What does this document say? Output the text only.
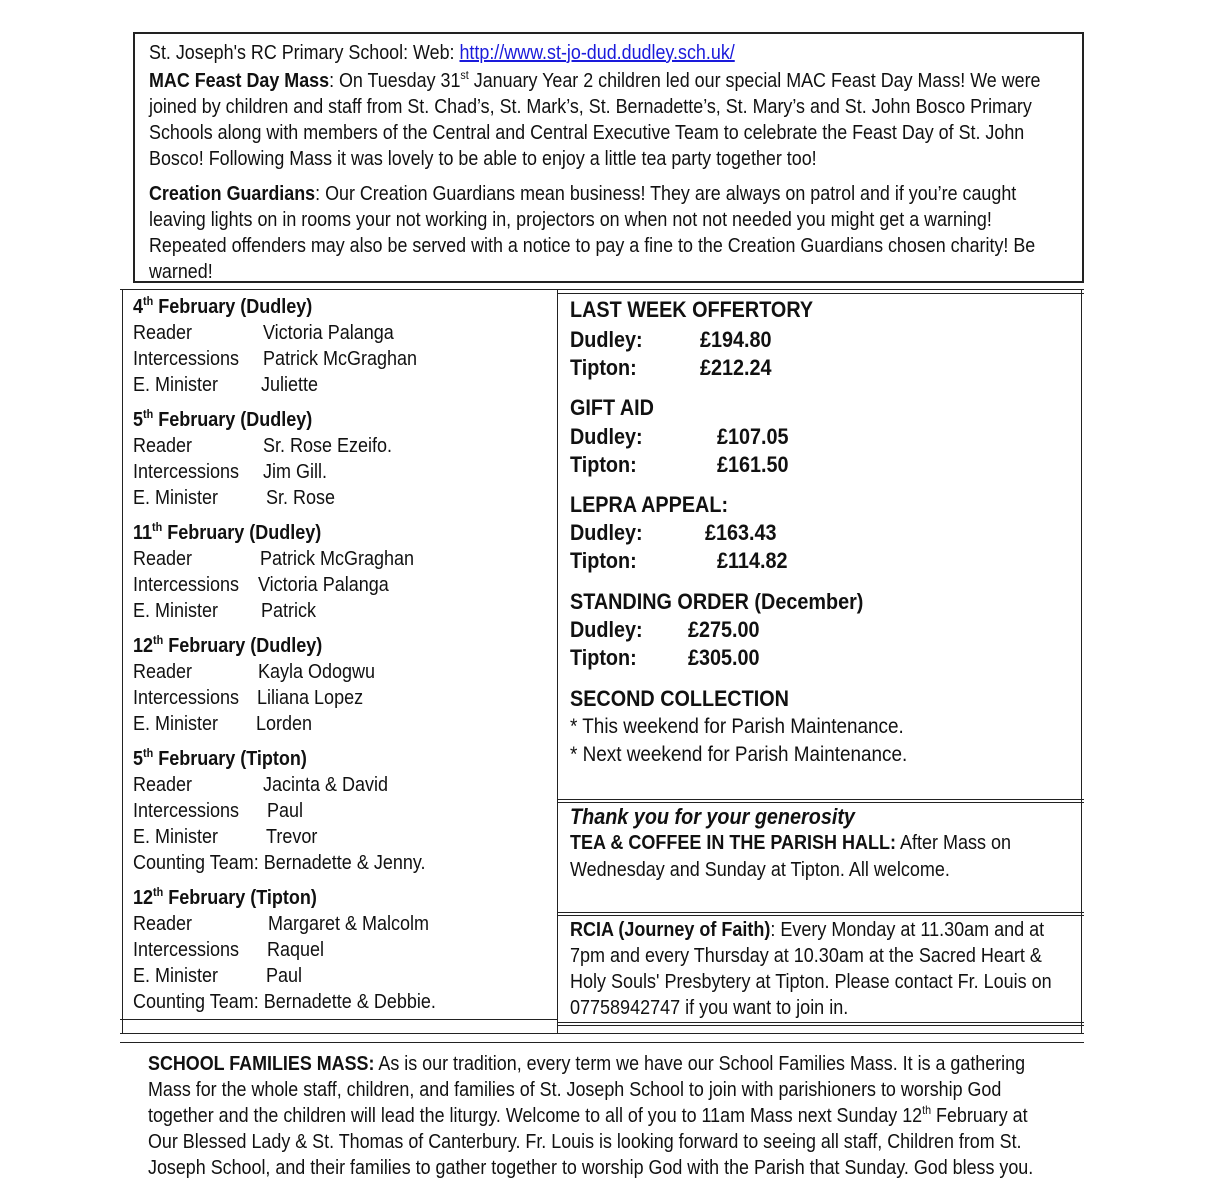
St. Joseph's RC Primary School: Web: http://www.st-jo-dud.dudley.sch.uk/
MAC Feast Day Mass: On Tuesday 31st January Year 2 children led our special MAC Feast Day Mass! We were
joined by children and staff from St. Chad’s, St. Mark’s, St. Bernadette’s, St. Mary’s and St. John Bosco Primary
Schools along with members of the Central and Central Executive Team to celebrate the Feast Day of St. John
Bosco! Following Mass it was lovely to be able to enjoy a little tea party together too!
Creation Guardians: Our Creation Guardians mean business! They are always on patrol and if you’re caught
leaving lights on in rooms your not working in, projectors on when not not needed you might get a warning!
Repeated offenders may also be served with a notice to pay a fine to the Creation Guardians chosen charity! Be
warned!
4th February (Dudley)
Reader	Victoria Palanga
Intercessions Patrick McGraghan
E. Minister Juliette
5th February (Dudley)
Reader	Sr. Rose Ezeifo.
Intercessions Jim Gill.
E. Minister Sr. Rose
11th February (Dudley)
Reader	Patrick McGraghan
Intercessions Victoria Palanga
E. Minister Patrick
12th February (Dudley)
Reader	Kayla Odogwu
Intercessions Liliana Lopez
E. Minister Lorden
5th February (Tipton)
Reader	Jacinta & David
Intercessions Paul
E. Minister Trevor
Counting Team: Bernadette & Jenny.
12th February (Tipton)
Reader	Margaret & Malcolm
Intercessions Raquel
E. Minister Paul
Counting Team: Bernadette & Debbie.
LAST WEEK OFFERTORY
Dudley:	£194.80
Tipton:	£212.24
GIFT AID
Dudley:	£107.05
Tipton:	£161.50
LEPRA APPEAL:
Dudley:	£163.43
Tipton:	£114.82
STANDING ORDER (December)
Dudley: £275.00
Tipton: £305.00
SECOND COLLECTION
* This weekend for Parish Maintenance.
* Next weekend for Parish Maintenance.
Thank you for your generosity
TEA & COFFEE IN THE PARISH HALL: After Mass on
Wednesday and Sunday at Tipton. All welcome.
RCIA (Journey of Faith): Every Monday at 11.30am and at
7pm and every Thursday at 10.30am at the Sacred Heart &
Holy Souls' Presbytery at Tipton. Please contact Fr. Louis on
07758942747 if you want to join in.
SCHOOL FAMILIES MASS: As is our tradition, every term we have our School Families Mass. It is a gathering
Mass for the whole staff, children, and families of St. Joseph School to join with parishioners to worship God
together and the children will lead the liturgy. Welcome to all of you to 11am Mass next Sunday 12th February at
Our Blessed Lady & St. Thomas of Canterbury. Fr. Louis is looking forward to seeing all staff, Children from St.
Joseph School, and their families to gather together to worship God with the Parish that Sunday. God bless you.
